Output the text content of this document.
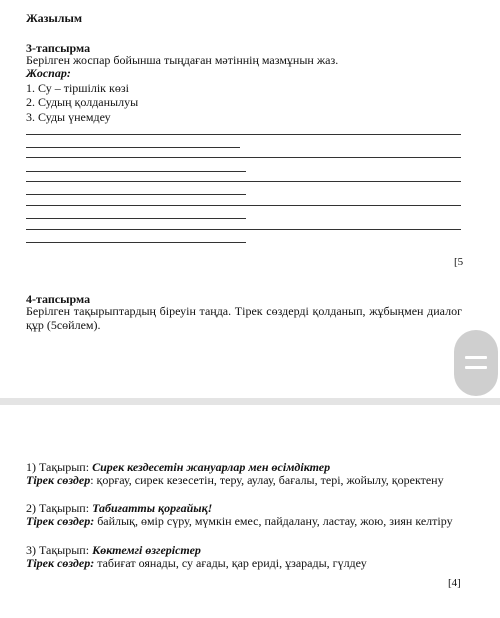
Жазылым
3-тапсырма
Берілген жоспар бойынша тыңдаған мәтіннің мазмұнын жаз.
Жоспар:
1. Су – тіршілік көзі
2. Судың қолданылуы
3. Суды үнемдеу
[5
4-тапсырма
Берілген тақырыптардың біреуін таңда. Тірек сөздерді қолданып, жұбыңмен диалог құр (5сөйлем).
1) Тақырып: Сирек кездесетін жануарлар мен өсімдіктер
Тірек сөздер: қорғау, сирек кезесетін, теру, аулау, бағалы, тері, жойылу, қоректену
2) Тақырып: Табиғатты қорғайық!
Тірек сөздер: байлық, өмір сүру, мүмкін емес, пайдалану, ластау, жою, зиян келтіру
3) Тақырып: Көктемгі өзгерістер
Тірек сөздер: табиғат оянады, су ағады, қар ериді, ұзарады, гүлдеу
[4]
